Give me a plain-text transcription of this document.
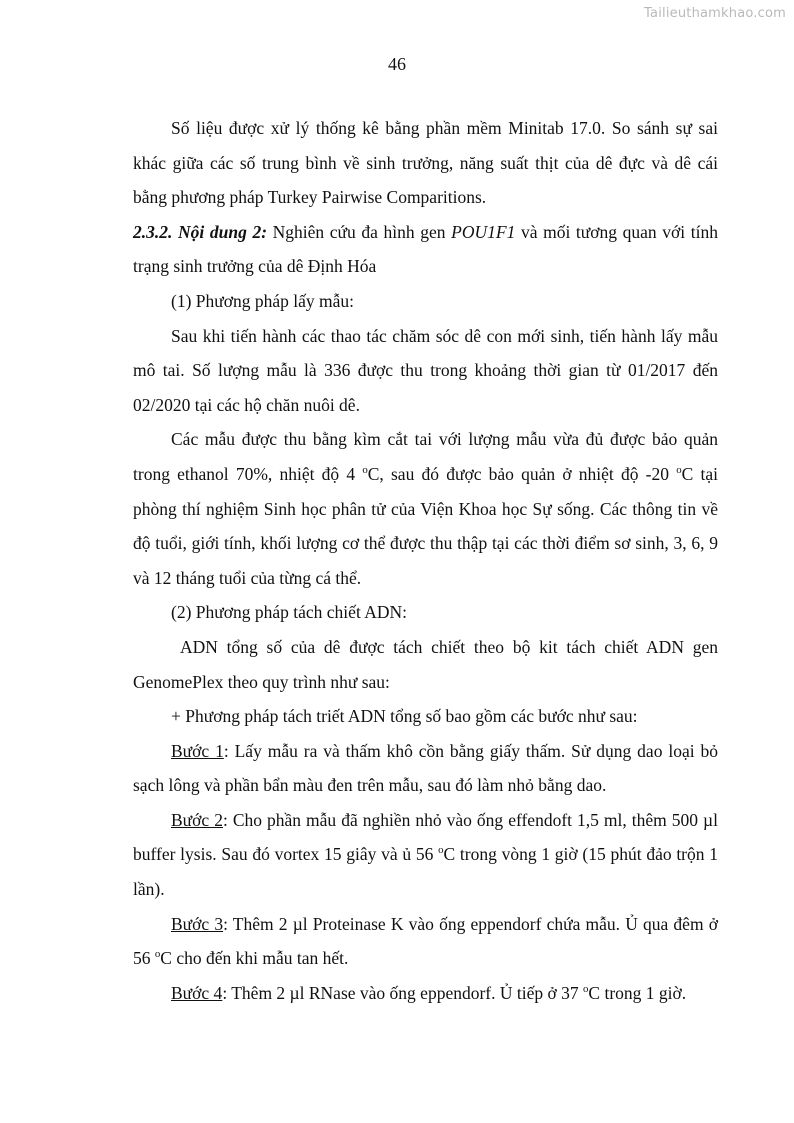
Tailieuthamkhao.com
46

Số liệu được xử lý thống kê bằng phần mềm Minitab 17.0. So sánh sự sai khác giữa các số trung bình về sinh trưởng, năng suất thịt của dê đực và dê cái bằng phương pháp Turkey Pairwise Comparitions.

2.3.2. Nội dung 2: Nghiên cứu đa hình gen POU1F1 và mối tương quan với tính trạng sinh trưởng của dê Định Hóa

(1) Phương pháp lấy mẫu:

Sau khi tiến hành các thao tác chăm sóc dê con mới sinh, tiến hành lấy mẫu mô tai. Số lượng mẫu là 336 được thu trong khoảng thời gian từ 01/2017 đến 02/2020 tại các hộ chăn nuôi dê.

Các mẫu được thu bằng kìm cắt tai với lượng mẫu vừa đủ được bảo quản trong ethanol 70%, nhiệt độ 4 $^o$C, sau đó được bảo quản ở nhiệt độ -20 $^o$C tại phòng thí nghiệm Sinh học phân tử của Viện Khoa học Sự sống. Các thông tin về độ tuổi, giới tính, khối lượng cơ thể được thu thập tại các thời điểm sơ sinh, 3, 6, 9 và 12 tháng tuổi của từng cá thể.

(2) Phương pháp tách chiết ADN:

ADN tổng số của dê được tách chiết theo bộ kit tách chiết ADN gen GenomePlex theo quy trình như sau:

+ Phương pháp tách triết ADN tổng số bao gồm các bước như sau:

Bước 1: Lấy mẫu ra và thấm khô cồn bằng giấy thấm. Sử dụng dao loại bỏ sạch lông và phần bẩn màu đen trên mẫu, sau đó làm nhỏ bằng dao.

Bước 2: Cho phần mẫu đã nghiền nhỏ vào ống effendoft 1,5 ml, thêm 500 µl buffer lysis. Sau đó vortex 15 giây và ủ 56 $^o$C trong vòng 1 giờ (15 phút đảo trộn 1 lần).

Bước 3: Thêm 2 µl Proteinase K vào ống eppendorf chứa mẫu. Ủ qua đêm ở 56 $^o$C cho đến khi mẫu tan hết.

Bước 4: Thêm 2 µl RNase vào ống eppendorf. Ủ tiếp ở 37 $^o$C trong 1 giờ.
